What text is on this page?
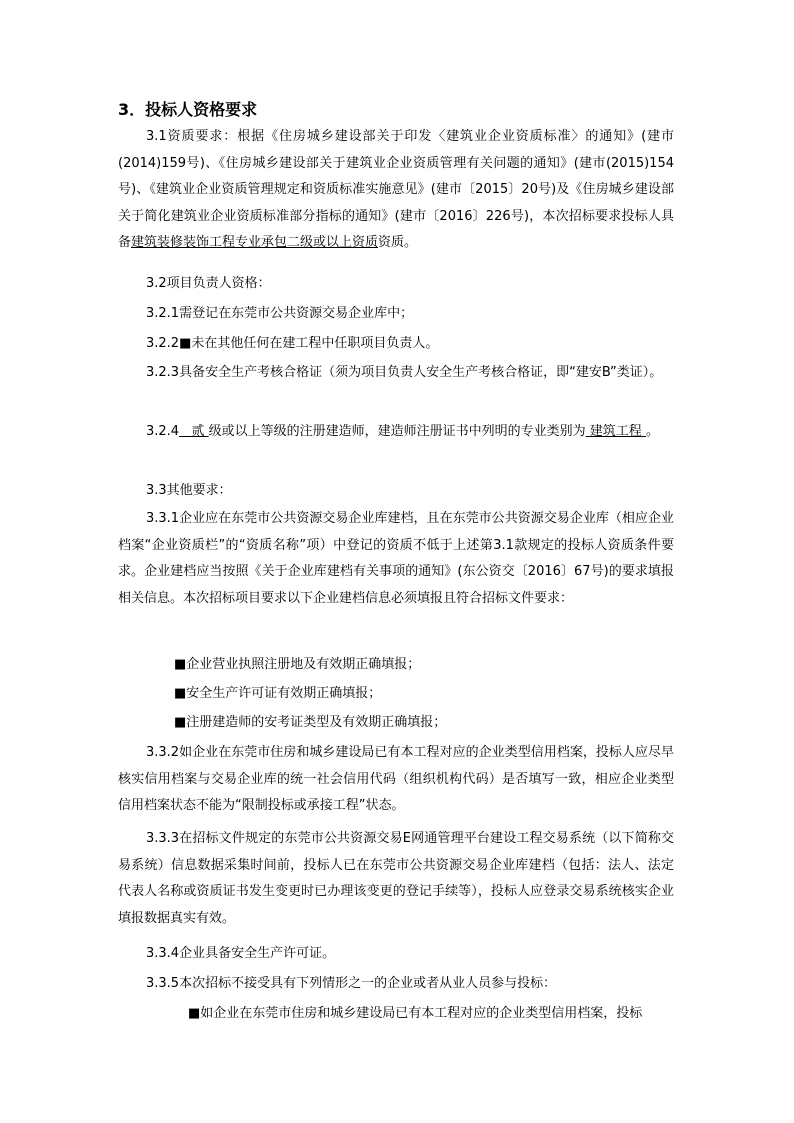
3．投标人资格要求
3.1资质要求：根据《住房城乡建设部关于印发〈建筑业企业资质标准〉的通知》(建市(2014)159号)、《住房城乡建设部关于建筑业企业资质管理有关问题的通知》(建市(2015)154号)、《建筑业企业资质管理规定和资质标准实施意见》(建市〔2015〕20号)及《住房城乡建设部关于简化建筑业企业资质标准部分指标的通知》(建市〔2016〕226号)，本次招标要求投标人具备建筑装修装饰工程专业承包二级或以上资质资质。
3.2项目负责人资格：
3.2.1需登记在东莞市公共资源交易企业库中；
3.2.2■未在其他任何在建工程中任职项目负责人。
3.2.3具备安全生产考核合格证（须为项目负责人安全生产考核合格证，即“建安B”类证）。
3.2.4 贰 级或以上等级的注册建造师，建造师注册证书中列明的专业类别为 建筑工程 。
3.3其他要求：
3.3.1企业应在东莞市公共资源交易企业库建档，且在东莞市公共资源交易企业库（相应企业档案“企业资质栏”的“资质名称”项）中登记的资质不低于上述第3.1款规定的投标人资质条件要求。企业建档应当按照《关于企业库建档有关事项的通知》(东公资交〔2016〕67号)的要求填报相关信息。本次招标项目要求以下企业建档信息必须填报且符合招标文件要求：
■企业营业执照注册地及有效期正确填报；
■安全生产许可证有效期正确填报；
■注册建造师的安考证类型及有效期正确填报；
3.3.2如企业在东莞市住房和城乡建设局已有本工程对应的企业类型信用档案，投标人应尽早核实信用档案与交易企业库的统一社会信用代码（组织机构代码）是否填写一致，相应企业类型信用档案状态不能为“限制投标或承接工程”状态。
3.3.3在招标文件规定的东莞市公共资源交易E网通管理平台建设工程交易系统（以下简称交易系统）信息数据采集时间前，投标人已在东莞市公共资源交易企业库建档（包括：法人、法定代表人名称或资质证书发生变更时已办理该变更的登记手续等），投标人应登录交易系统核实企业填报数据真实有效。
3.3.4企业具备安全生产许可证。
3.3.5本次招标不接受具有下列情形之一的企业或者从业人员参与投标：
■如企业在东莞市住房和城乡建设局已有本工程对应的企业类型信用档案，投标
